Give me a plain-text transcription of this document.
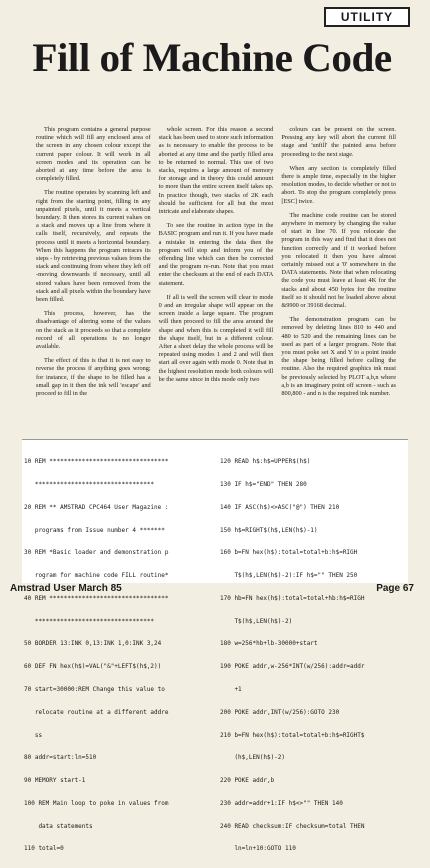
UTILITY
Fill of Machine Code

This program contains a general purpose routine which will fill any enclosed area of the screen in any chosen colour except the current paper colour. It will work in all screen modes and its operation can be aborted at any time before the area is completely filled.

The routine operates by scanning left and right from the starting point, filling in any unpainted pixels, until it meets a vertical boundary. It then stores its current values on a stack and moves up a line from where it calls itself, recursively, and repeats the process until it meets a horizontal boundary. When this happens the program retraces its steps - by retrieving previous values from the stack and continuing from where they left off -moving downwards if necessary, until all stored values have been removed from the stack and all pixels within the boundary have been filled.

This process, however, has the disadvantage of altering some of the values on the stack as it proceeds so that a complete record of all operations is no longer available.

The effect of this is that it is not easy to reverse the process if anything goes wrong; for instance, if the shape to be filled has a small gap in it then the ink will 'escape' and proceed to fill in the

whole screen. For this reason a second stack has been used to store such information as is necessary to enable the process to be aborted at any time and the partly filled area to be returned to normal. This use of two stacks, requires a large amount of memory for storage and in theory this could amount to more than the entire screen itself takes up. In practice though, two stacks of 2K each should be sufficient for all but the most intricate and elaborate shapes.

To see the routine in action type in the BASIC program and run it. If you have made a mistake in entering the data then the program will stop and inform you of the offending line which can then be corrected and the program re-run. Note that you must enter the checksum at the end of each DATA statement.

If all is well the screen will clear to mode 0 and an irregular shape will appear on the screen inside a large square. The program will then proceed to fill the area around the shape and when this is completed it will fill the shape itself, but in a different colour. After a short delay the whole process will be repeated using modes 1 and 2 and will then start all over again with mode 0. Note that in the highest resolution mode both colours will be the same since in this mode only two

colours can be present on the screen. Pressing any key will abort the current fill stage and 'unfill' the painted area before proceeding to the next stage.

When any section is completely filled there is ample time, especially in the higher resolution modes, to decide whether or not to abort. To stop the program completely press [ESC] twice.

The machine code routine can be stored anywhere in memory by changing the value of start in line 70. If you relocate the program in this way and find that it does not function correctly and if it worked before you relocated it then you have almost certainly missed out a '0' somewhere in the DATA statements. Note that when relocating the code you must leave at least 4K for the stacks and about 450 bytes for the routine itself so it should not be loaded above about &9900 or 39168 decimal.

The demonstration program can be removed by deleting lines 810 to 440 and 480 to 520 and the remaining lines can be used as part of a larger program. Note that you must poke set X and Y to a point inside the shape being filled before calling the routine. Also the required graphics ink must be previously selected by PLOT a,b,n where a,b is an imaginary point off screen - such as 800,800 - and n is the required ink number.

10 REM *********************************

*********************************

20 REM ** AMSTRAD CPC464 User Magazine :

programs from Issue number 4 *******

30 REM *Basic loader and demonstration p

rogram for machine code FILL routine*

40 REM *********************************

*********************************

50 BORDER 13:INK 0,13:INK 1,0:INK 3,24

60 DEF FN hex(h$)=VAL("&"+LEFT$(h$,2))

70 start=30000:REM Change this value to

relocate routine at a different addre

ss

80 addr=start:ln=510

90 MEMORY start-1

100 REM Main loop to poke in values from

data statements

110 total=0

120 READ h$:h$=UPPER$(h$)

130 IF h$="END" THEN 280

140 IF ASC(h$)<>ASC("@") THEN 210

150 h$=RIGHT$(h$,LEN(h$)-1)

160 b=FN hex(h$):total=total+b:h$=RIGH

T$(h$,LEN(h$)-2):IF h$="" THEN 250

170 hb=FN hex(h$):total=total+hb:h$=RIGH

T$(h$,LEN(h$)-2)

180 w=256*hb+lb-30000+start

190 POKE addr,w-256*INT(w/256):addr=addr

+1

200 POKE addr,INT(w/256):GOTO 230

210 b=FN hex(h$):total=total+b:h$=RIGHT$

(h$,LEN(h$)-2)

220 POKE addr,b

230 addr=addr+1:IF h$<>"" THEN 140

240 READ checksum:IF checksum=total THEN

ln=ln+10:GOTO 110

Amstrad User March 85	Page 67
